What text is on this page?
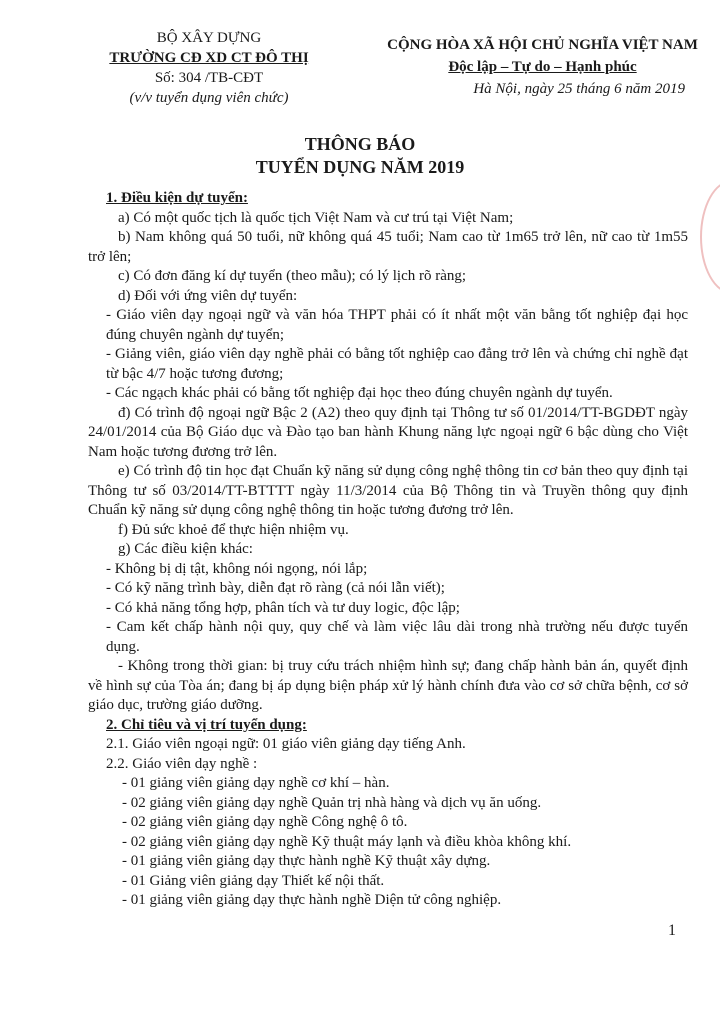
BỘ XÂY DỰNG
TRƯỜNG CĐ XD CT ĐÔ THỊ
Số: 304 /TB-CĐT
(v/v tuyển dụng viên chức)
CỘNG HÒA XÃ HỘI CHỦ NGHĨA VIỆT NAM
Độc lập – Tự do – Hạnh phúc
Hà Nội, ngày 25 tháng 6 năm 2019
THÔNG BÁO
TUYỂN DỤNG NĂM 2019

1. Điều kiện dự tuyển:

a) Có một quốc tịch là quốc tịch Việt Nam và cư trú tại Việt Nam;

b) Nam không quá 50 tuổi, nữ không quá 45 tuổi; Nam cao từ 1m65 trở lên, nữ cao từ 1m55 trở lên;

c) Có đơn đăng kí dự tuyển (theo mẫu); có lý lịch rõ ràng;

d) Đối với ứng viên dự tuyển:

- Giáo viên dạy ngoại ngữ và văn hóa THPT phải có ít nhất một văn bằng tốt nghiệp đại học đúng chuyên ngành dự tuyển;

- Giảng viên, giáo viên dạy nghề phải có bằng tốt nghiệp cao đẳng trở lên và chứng chỉ nghề đạt từ bậc 4/7 hoặc tương đương;

- Các ngạch khác phải có bằng tốt nghiệp đại học theo đúng chuyên ngành dự tuyển.

đ) Có trình độ ngoại ngữ Bậc 2 (A2) theo quy định tại Thông tư số 01/2014/TT-BGDĐT ngày 24/01/2014 của Bộ Giáo dục và Đào tạo ban hành Khung năng lực ngoại ngữ 6 bậc dùng cho Việt Nam hoặc tương đương trở lên.

e) Có trình độ tin học đạt Chuẩn kỹ năng sử dụng công nghệ thông tin cơ bản theo quy định tại Thông tư số 03/2014/TT-BTTTT ngày 11/3/2014 của Bộ Thông tin và Truyền thông quy định Chuẩn kỹ năng sử dụng công nghệ thông tin hoặc tương đương trở lên.

f) Đủ sức khoẻ để thực hiện nhiệm vụ.

g) Các điều kiện khác:

- Không bị dị tật, không nói ngọng, nói lắp;

- Có kỹ năng trình bày, diễn đạt rõ ràng (cả nói lẫn viết);

- Có khả năng tổng hợp, phân tích và tư duy logic, độc lập;

- Cam kết chấp hành nội quy, quy chế và làm việc lâu dài trong nhà trường nếu được tuyển dụng.

- Không trong thời gian: bị truy cứu trách nhiệm hình sự; đang chấp hành bản án, quyết định về hình sự của Tòa án; đang bị áp dụng biện pháp xử lý hành chính đưa vào cơ sở chữa bệnh, cơ sở giáo dục, trường giáo dưỡng.

2. Chỉ tiêu và vị trí tuyển dụng:

2.1. Giáo viên ngoại ngữ: 01 giáo viên giảng dạy tiếng Anh.

2.2. Giáo viên dạy nghề :

- 01 giảng viên giảng dạy nghề cơ khí – hàn.

- 02 giảng viên giảng dạy nghề Quản trị nhà hàng và dịch vụ ăn uống.

- 02 giảng viên giảng dạy nghề Công nghệ ô tô.

- 02 giảng viên giảng dạy nghề Kỹ thuật máy lạnh và điều khòa không khí.

- 01 giảng viên giảng dạy thực hành nghề Kỹ thuật xây dựng.

- 01 Giảng viên giảng dạy Thiết kế nội thất.

- 01 giảng viên giảng dạy thực hành nghề Diện tử công nghiệp.

1
